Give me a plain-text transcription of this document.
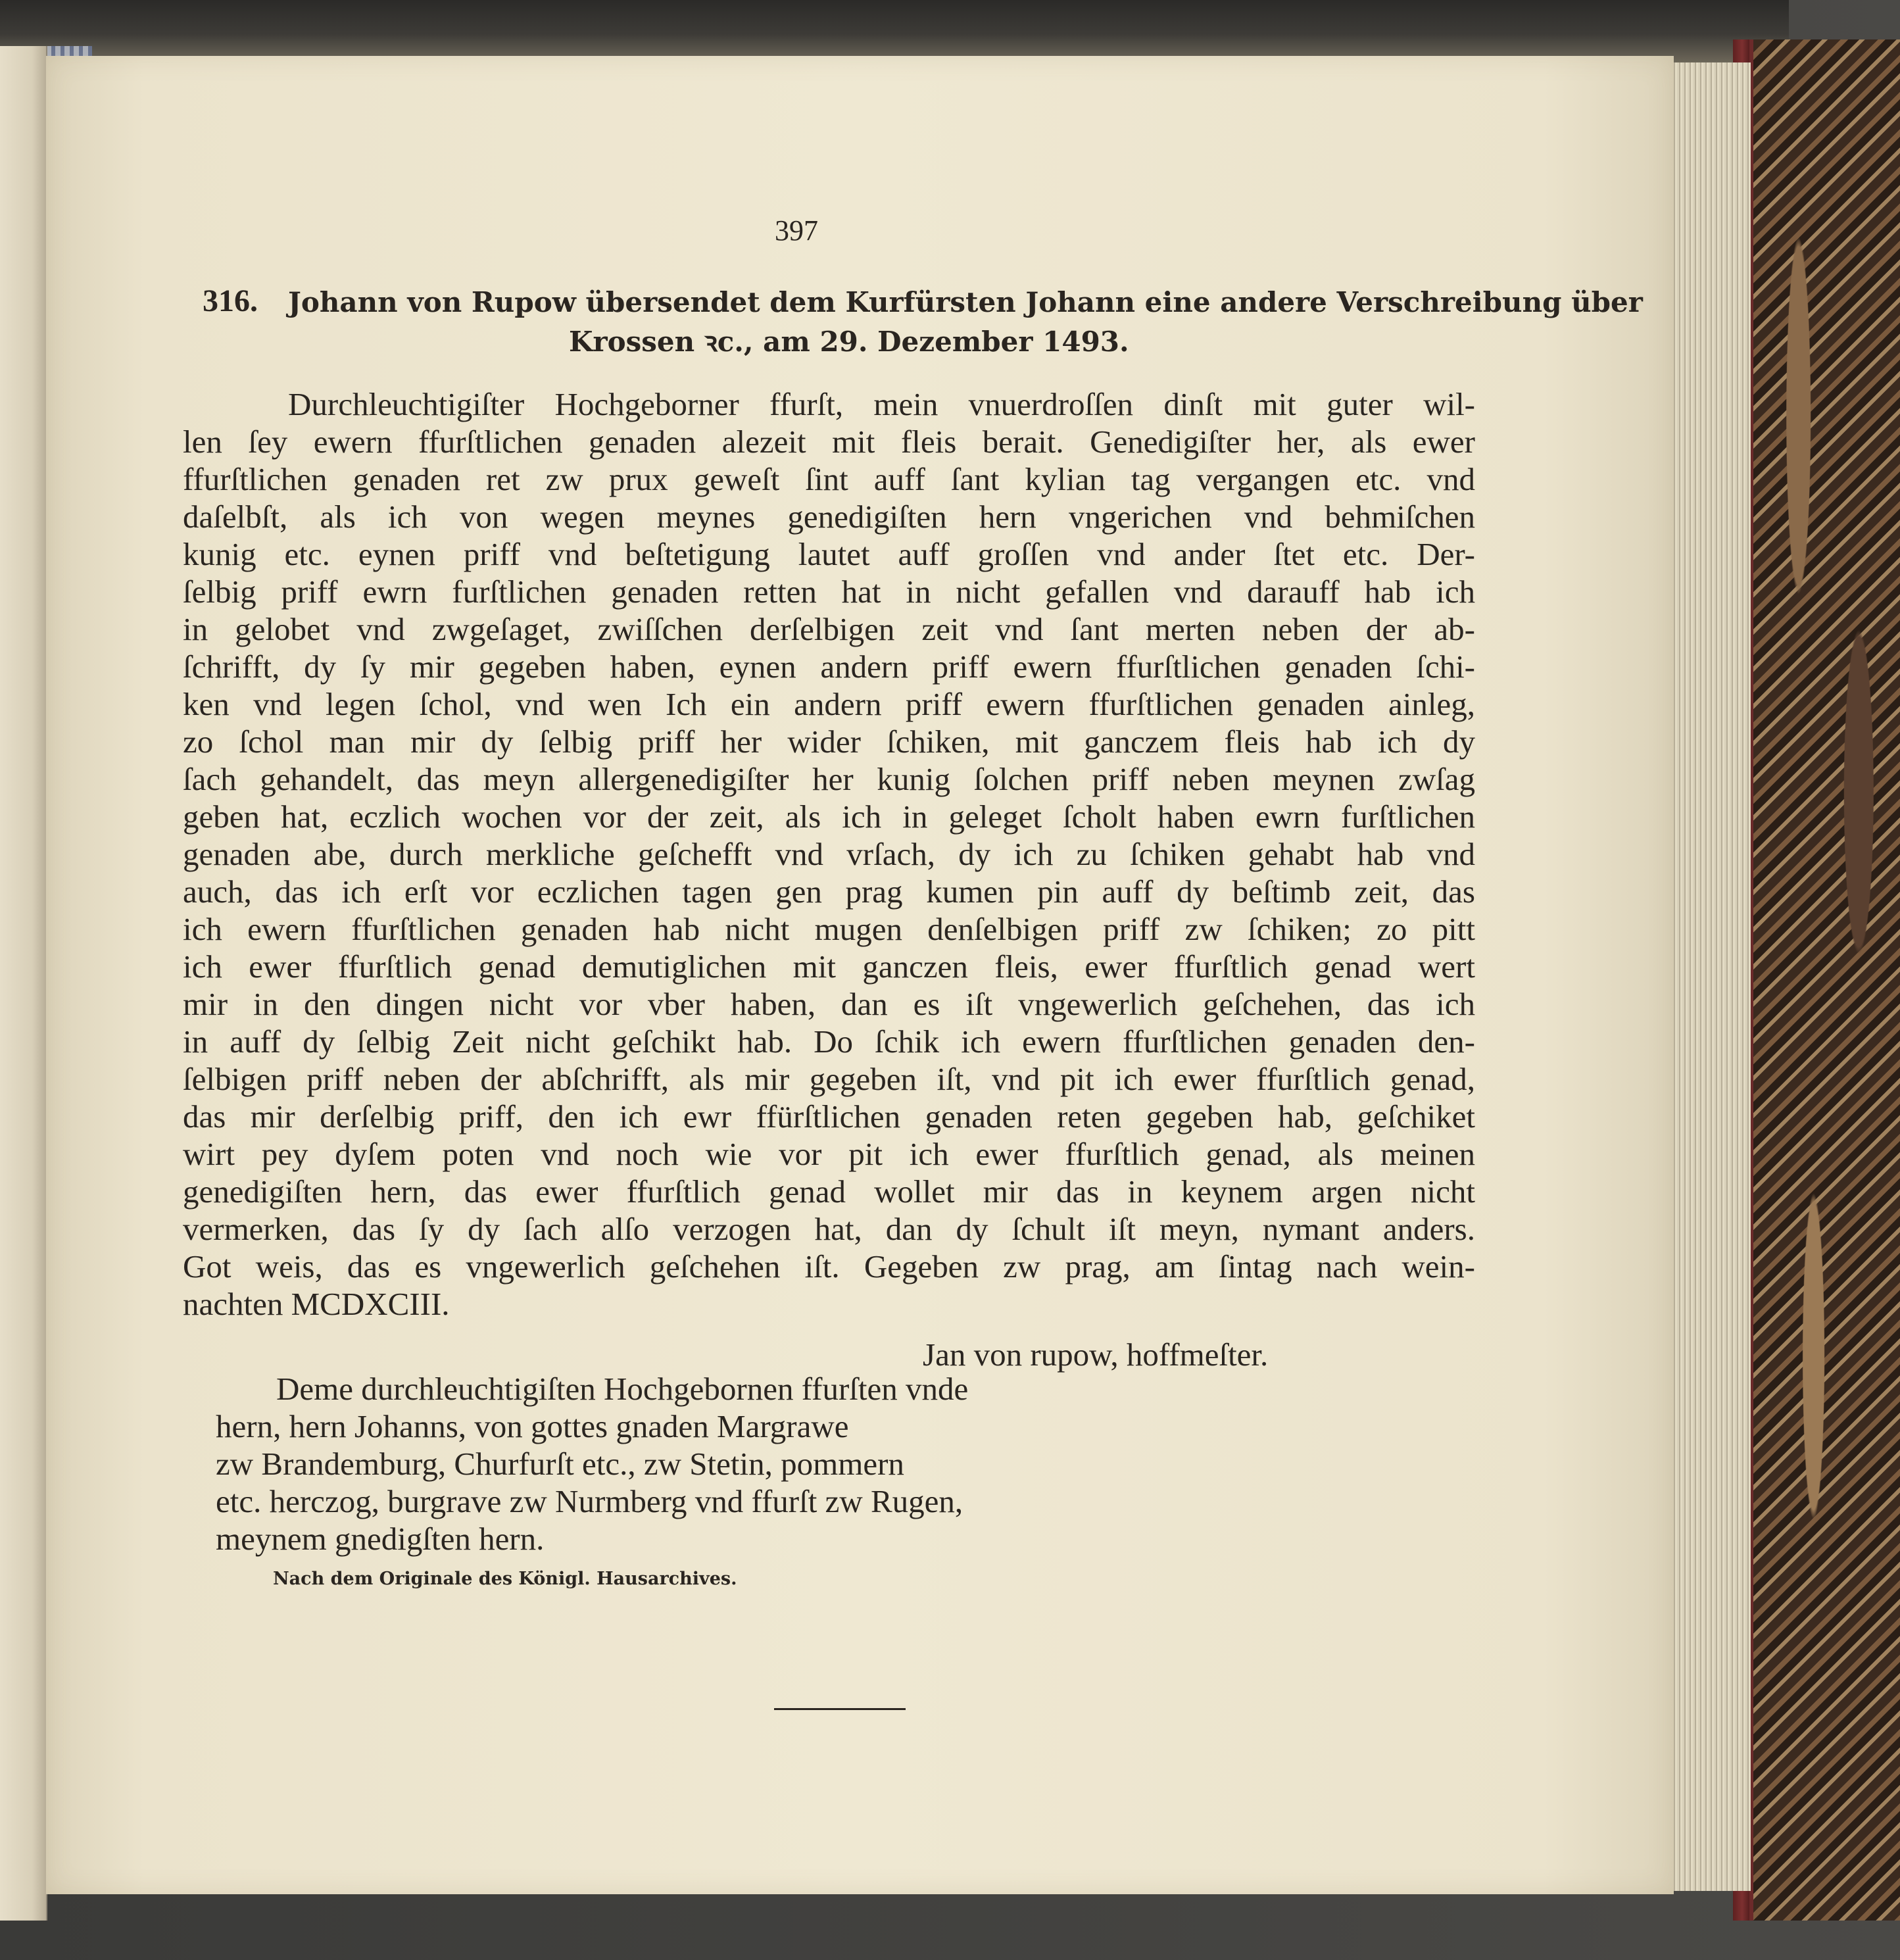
397
316. Johann von Rupow übersendet dem Kurfürsten Johann eine andere Verschreibung über
Krossen ꝛc., am 29. Dezember 1493.
Durchleuchtigiſter Hochgeborner ffurſt, mein vnuerdroſſen dinſt mit guter wil-
len ſey ewern ffurſtlichen genaden alezeit mit fleis berait. Genedigiſter her, als ewer
ffurſtlichen genaden ret zw prux geweſt ſint auff ſant kylian tag vergangen etc. vnd
daſelbſt, als ich von wegen meynes genedigiſten hern vngerichen vnd behmiſchen
kunig etc. eynen priff vnd beſtetigung lautet auff groſſen vnd ander ſtet etc. Der-
ſelbig priff ewrn furſtlichen genaden retten hat in nicht gefallen vnd darauff hab ich
in gelobet vnd zwgeſaget, zwiſſchen derſelbigen zeit vnd ſant merten neben der ab-
ſchrifft, dy ſy mir gegeben haben, eynen andern priff ewern ffurſtlichen genaden ſchi-
ken vnd legen ſchol, vnd wen Ich ein andern priff ewern ffurſtlichen genaden ainleg,
zo ſchol man mir dy ſelbig priff her wider ſchiken, mit ganczem fleis hab ich dy
ſach gehandelt, das meyn allergenedigiſter her kunig ſolchen priff neben meynen zwſag
geben hat, eczlich wochen vor der zeit, als ich in geleget ſcholt haben ewrn furſtlichen
genaden abe, durch merkliche geſchefft vnd vrſach, dy ich zu ſchiken gehabt hab vnd
auch, das ich erſt vor eczlichen tagen gen prag kumen pin auff dy beſtimb zeit, das
ich ewern ffurſtlichen genaden hab nicht mugen denſelbigen priff zw ſchiken; zo pitt
ich ewer ffurſtlich genad demutiglichen mit ganczen fleis, ewer ffurſtlich genad wert
mir in den dingen nicht vor vber haben, dan es iſt vngewerlich geſchehen, das ich
in auff dy ſelbig Zeit nicht geſchikt hab. Do ſchik ich ewern ffurſtlichen genaden den-
ſelbigen priff neben der abſchrifft, als mir gegeben iſt, vnd pit ich ewer ffurſtlich genad,
das mir derſelbig priff, den ich ewr ffürſtlichen genaden reten gegeben hab, geſchiket
wirt pey dyſem poten vnd noch wie vor pit ich ewer ffurſtlich genad, als meinen
genedigiſten hern, das ewer ffurſtlich genad wollet mir das in keynem argen nicht
vermerken, das ſy dy ſach alſo verzogen hat, dan dy ſchult iſt meyn, nymant anders.
Got weis, das es vngewerlich geſchehen iſt. Gegeben zw prag, am ſintag nach wein-
nachten MCDXCIII.
Jan von rupow, hoffmeſter.
Deme durchleuchtigiſten Hochgebornen ffurſten vnde
hern, hern Johanns, von gottes gnaden Margrawe
zw Brandemburg, Churfurſt etc., zw Stetin, pommern
etc. herczog, burgrave zw Nurmberg vnd ffurſt zw Rugen,
meynem gnedigſten hern.
Nach dem Originale des Königl. Hausarchives.
